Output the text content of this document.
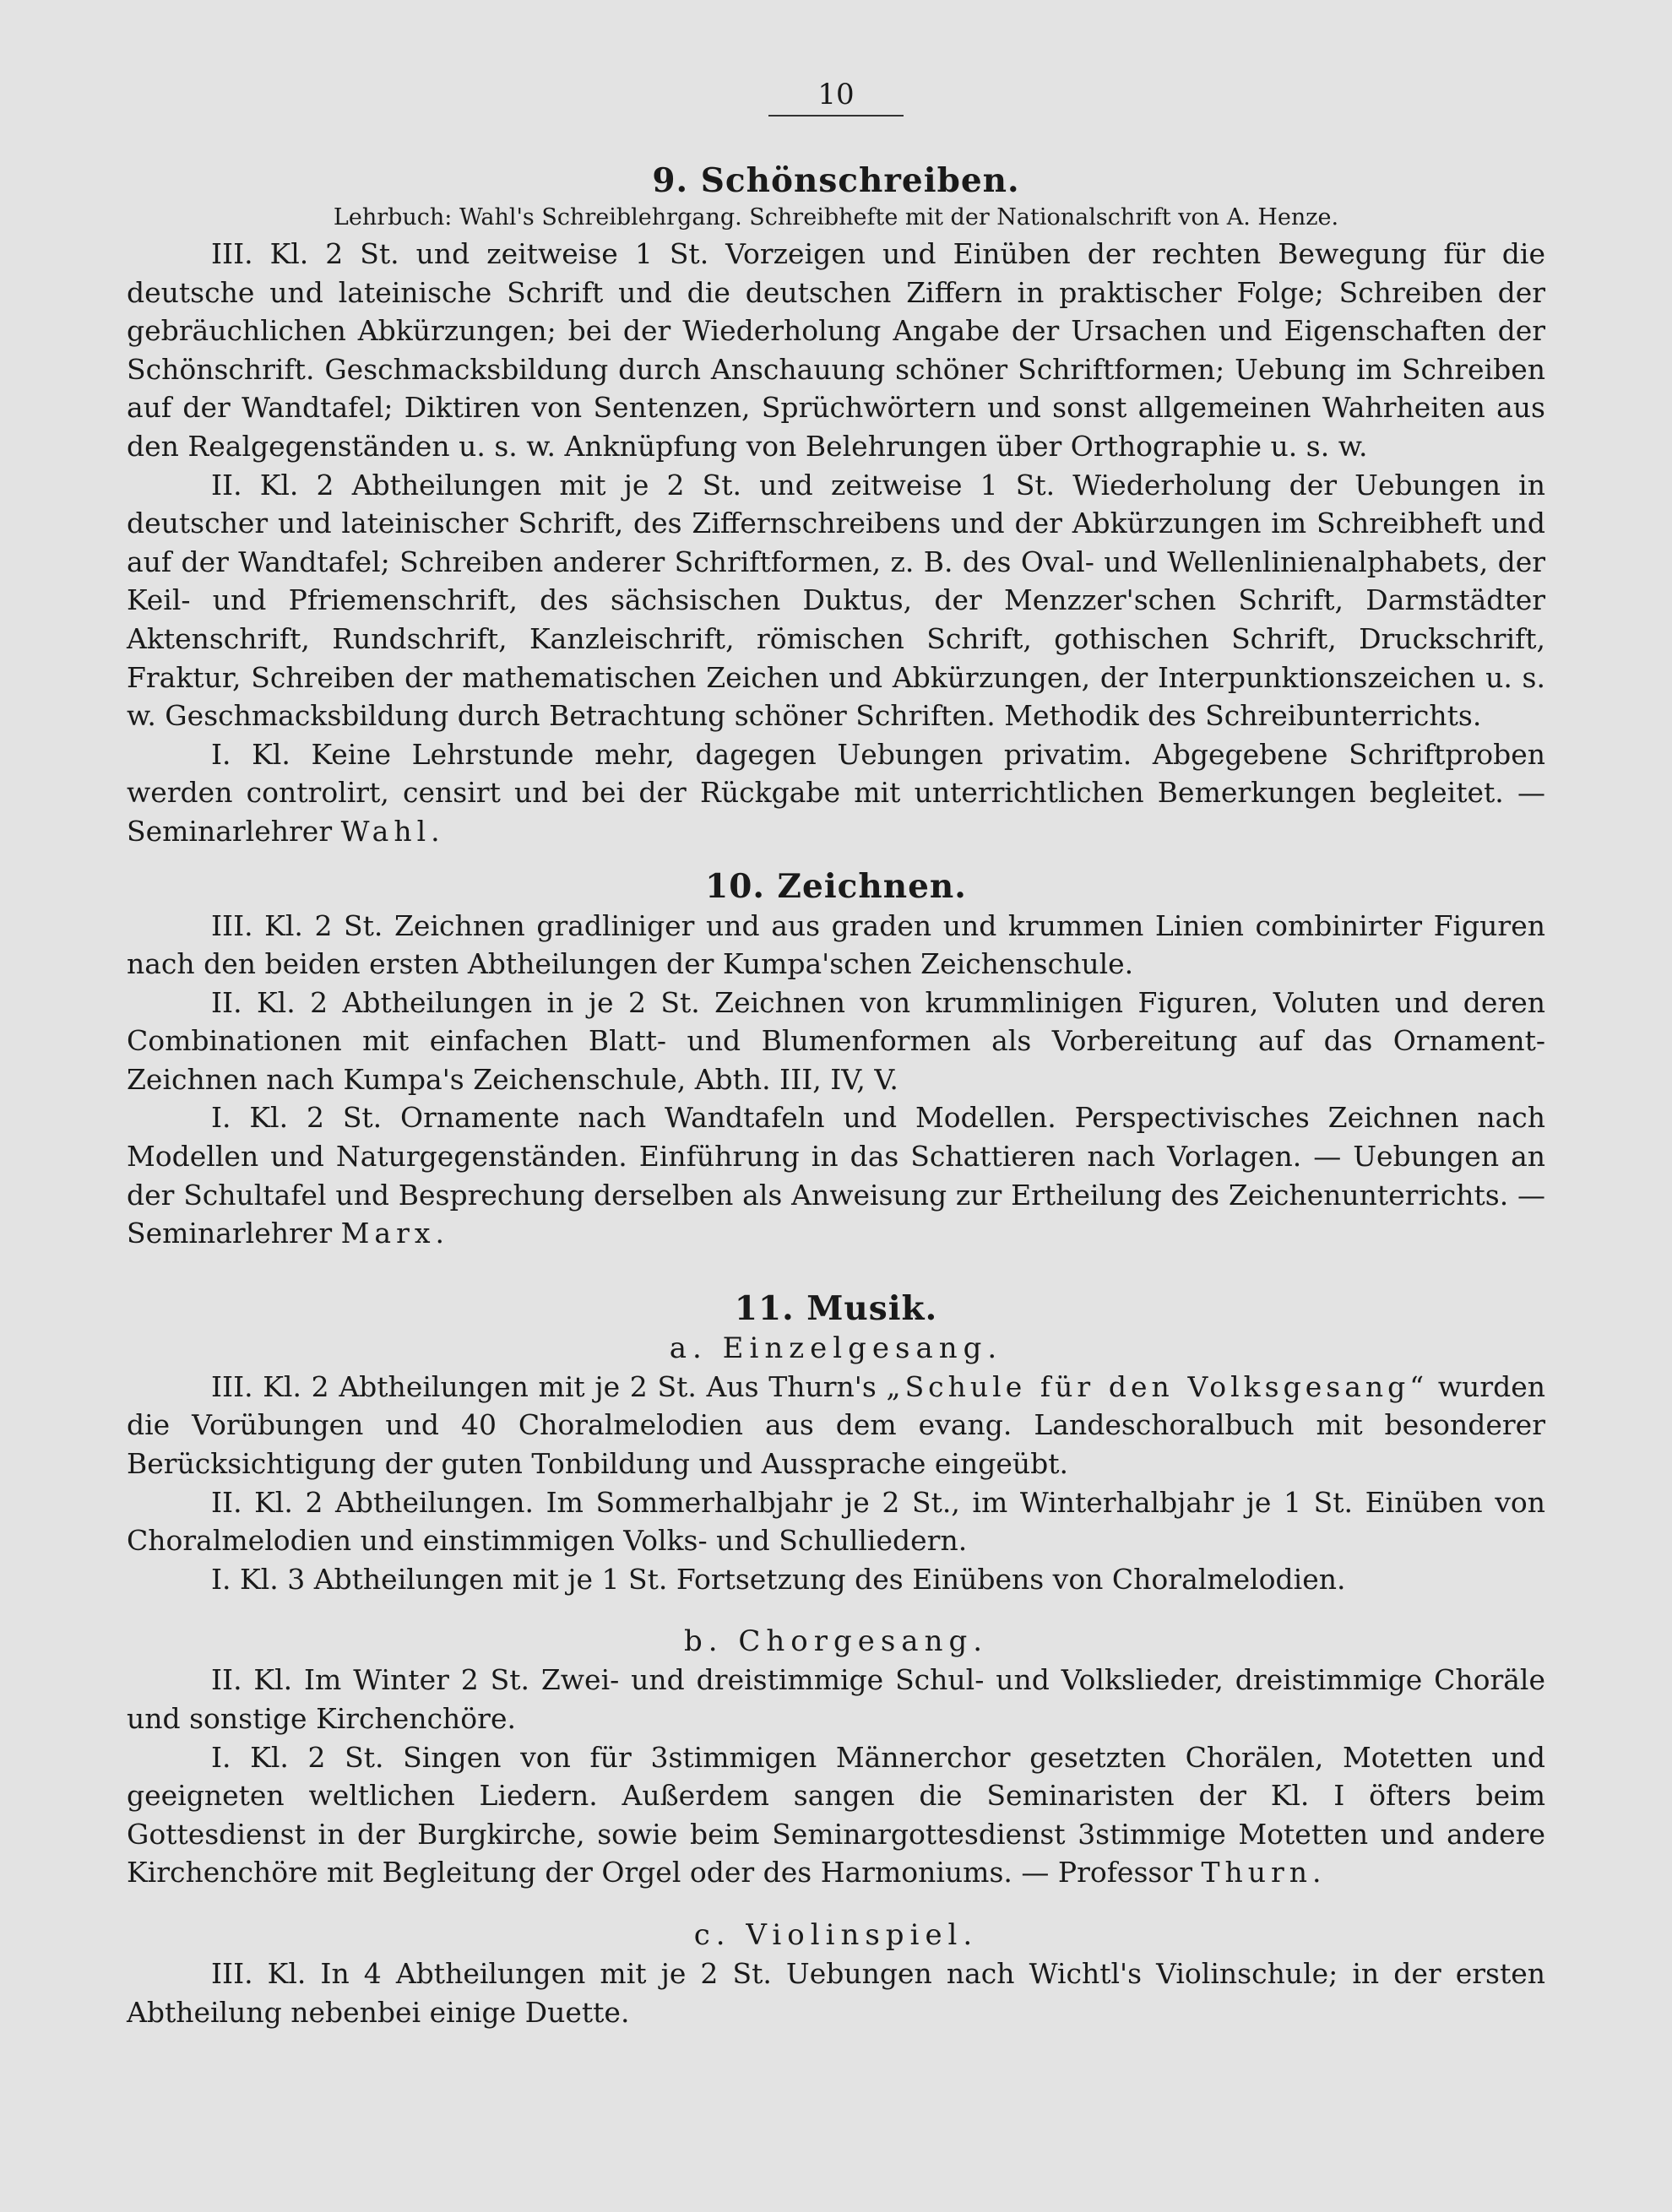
10
9. Schönschreiben.

Lehrbuch: Wahl's Schreiblehrgang. Schreibhefte mit der Nationalschrift von A. Henze.

III. Kl. 2 St. und zeitweise 1 St. Vorzeigen und Einüben der rechten Bewegung für die deutsche und lateinische Schrift und die deutschen Ziffern in praktischer Folge; Schreiben der gebräuchlichen Abkürzungen; bei der Wiederholung Angabe der Ursachen und Eigenschaften der Schönschrift. Geschmacksbildung durch Anschauung schöner Schriftformen; Uebung im Schreiben auf der Wandtafel; Diktiren von Sentenzen, Sprüchwörtern und sonst allgemeinen Wahrheiten aus den Realgegenständen u. s. w. Anknüpfung von Belehrungen über Orthographie u. s. w.

II. Kl. 2 Abtheilungen mit je 2 St. und zeitweise 1 St. Wiederholung der Uebungen in deutscher und lateinischer Schrift, des Ziffernschreibens und der Abkürzungen im Schreibheft und auf der Wandtafel; Schreiben anderer Schriftformen, z. B. des Oval- und Wellenlinienalphabets, der Keil- und Pfriemenschrift, des sächsischen Duktus, der Menzzer'schen Schrift, Darmstädter Aktenschrift, Rundschrift, Kanzleischrift, römischen Schrift, gothischen Schrift, Druckschrift, Fraktur, Schreiben der mathematischen Zeichen und Abkürzungen, der Interpunktionszeichen u. s. w. Geschmacksbildung durch Betrachtung schöner Schriften. Methodik des Schreibunterrichts.

I. Kl. Keine Lehrstunde mehr, dagegen Uebungen privatim. Abgegebene Schriftproben werden controlirt, censirt und bei der Rückgabe mit unterrichtlichen Bemerkungen begleitet. — Seminarlehrer Wahl.

10. Zeichnen.

III. Kl. 2 St. Zeichnen gradliniger und aus graden und krummen Linien combinirter Figuren nach den beiden ersten Abtheilungen der Kumpa'schen Zeichenschule.

II. Kl. 2 Abtheilungen in je 2 St. Zeichnen von krummlinigen Figuren, Voluten und deren Combinationen mit einfachen Blatt- und Blumenformen als Vorbereitung auf das Ornament-Zeichnen nach Kumpa's Zeichenschule, Abth. III, IV, V.

I. Kl. 2 St. Ornamente nach Wandtafeln und Modellen. Perspectivisches Zeichnen nach Modellen und Naturgegenständen. Einführung in das Schattieren nach Vorlagen. — Uebungen an der Schultafel und Besprechung derselben als Anweisung zur Ertheilung des Zeichenunterrichts. — Seminarlehrer Marx.

11. Musik.
a. Einzelgesang.

III. Kl. 2 Abtheilungen mit je 2 St. Aus Thurn's „Schule für den Volksgesang“ wurden die Vorübungen und 40 Choralmelodien aus dem evang. Landeschoralbuch mit besonderer Berücksichtigung der guten Tonbildung und Aussprache eingeübt.

II. Kl. 2 Abtheilungen. Im Sommerhalbjahr je 2 St., im Winterhalbjahr je 1 St. Einüben von Choralmelodien und einstimmigen Volks- und Schulliedern.

I. Kl. 3 Abtheilungen mit je 1 St. Fortsetzung des Einübens von Choralmelodien.

b. Chorgesang.

II. Kl. Im Winter 2 St. Zwei- und dreistimmige Schul- und Volkslieder, dreistimmige Choräle und sonstige Kirchenchöre.

I. Kl. 2 St. Singen von für 3stimmigen Männerchor gesetzten Chorälen, Motetten und geeigneten weltlichen Liedern. Außerdem sangen die Seminaristen der Kl. I öfters beim Gottesdienst in der Burgkirche, sowie beim Seminargottesdienst 3stimmige Motetten und andere Kirchenchöre mit Begleitung der Orgel oder des Harmoniums. — Professor Thurn.

c. Violinspiel.

III. Kl. In 4 Abtheilungen mit je 2 St. Uebungen nach Wichtl's Violinschule; in der ersten Abtheilung nebenbei einige Duette.
